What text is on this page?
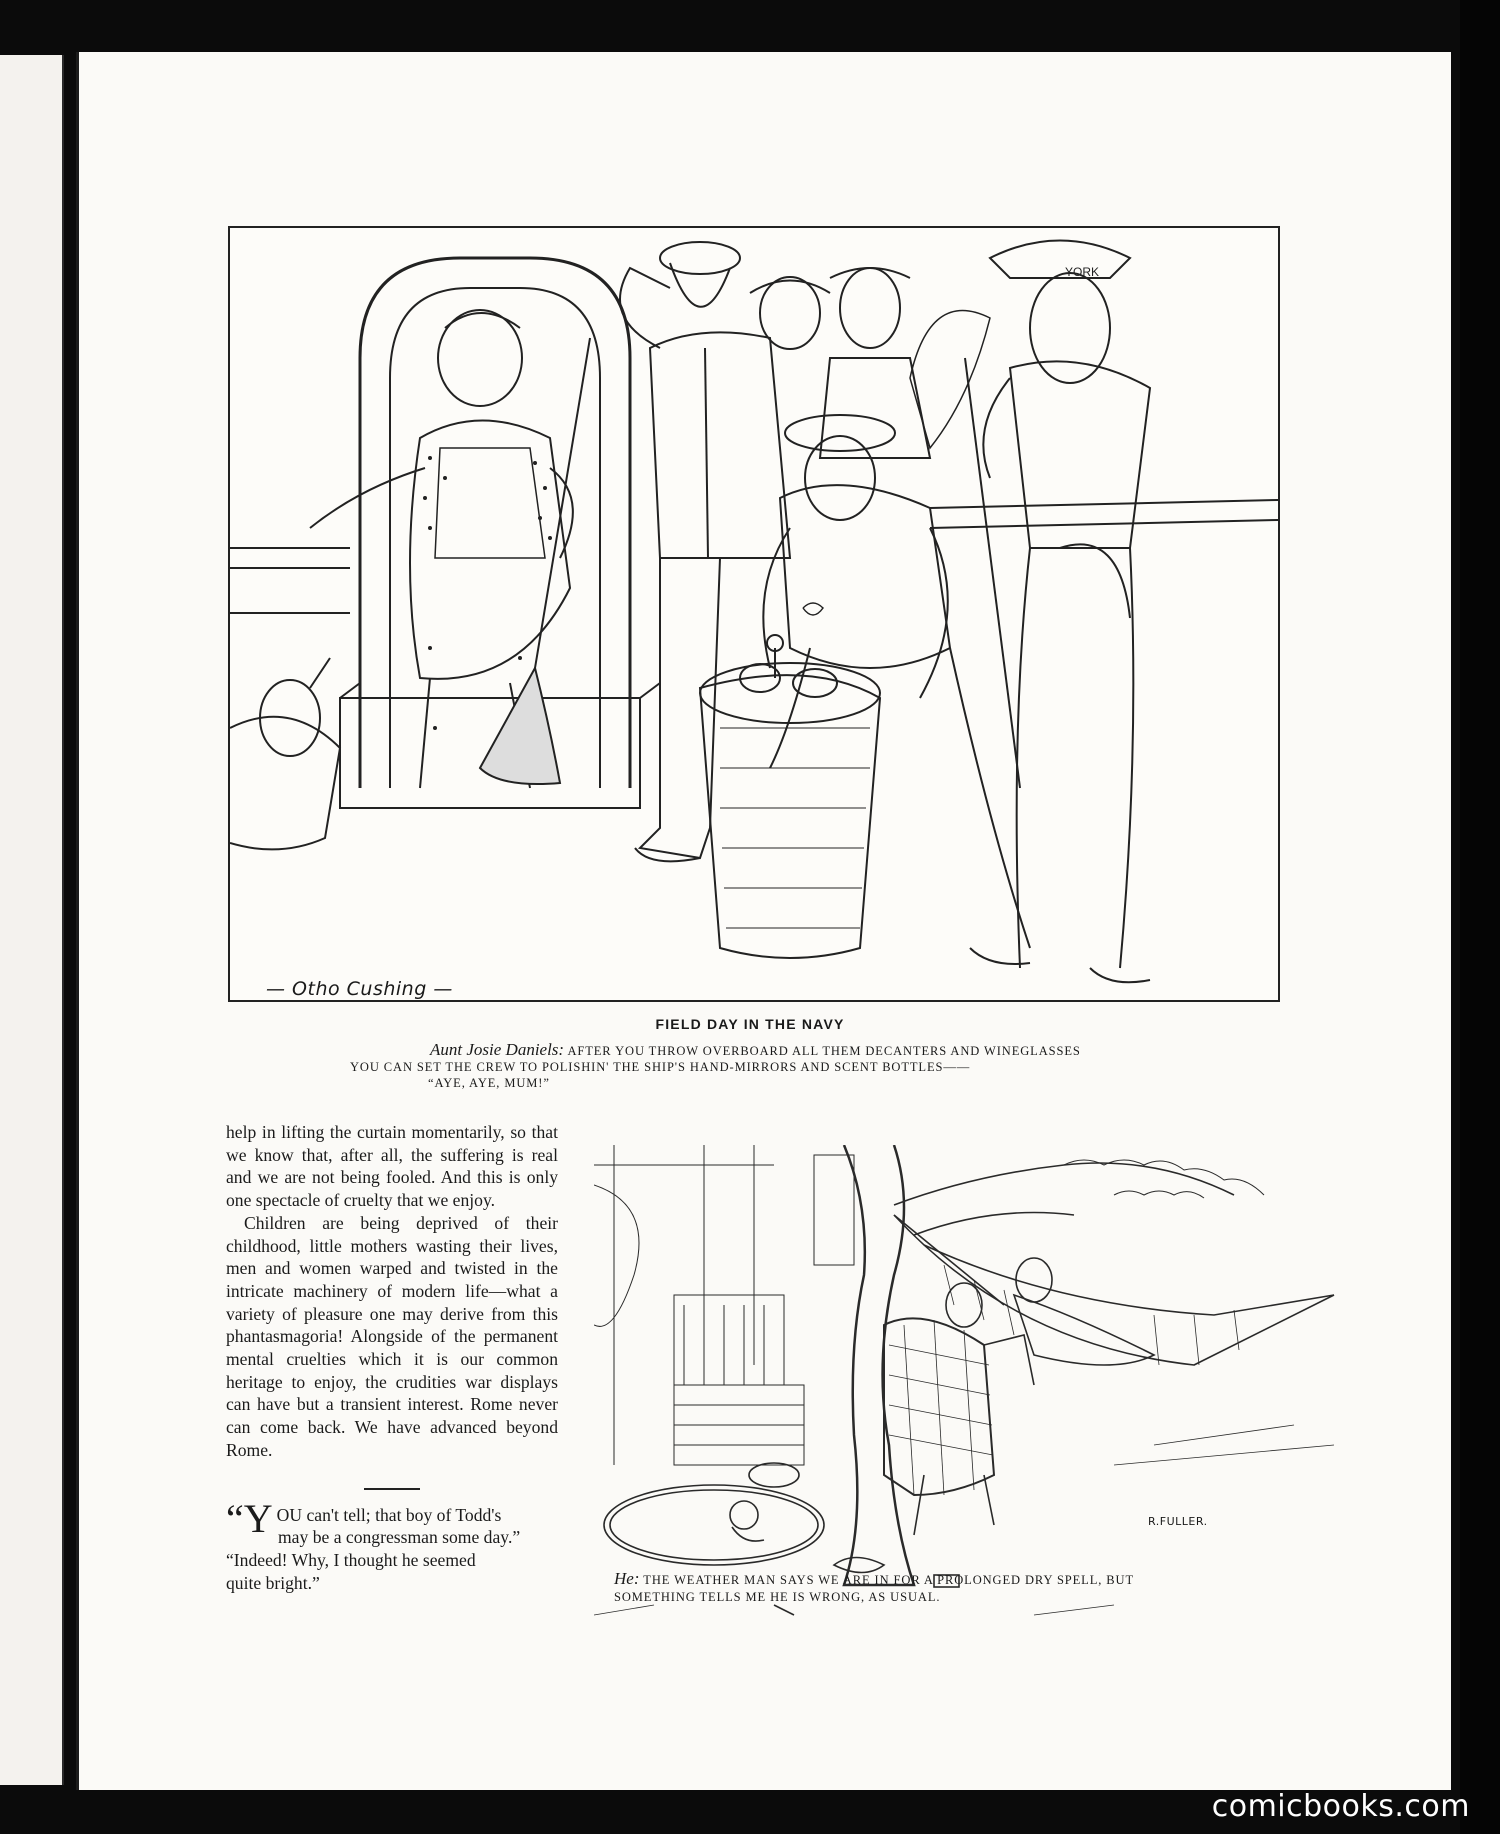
YORK
— Otho Cushing —
FIELD DAY IN THE NAVY
Aunt Josie Daniels: AFTER YOU THROW OVERBOARD ALL THEM DECANTERS AND WINEGLASSES
YOU CAN SET THE CREW TO POLISHIN' THE SHIP'S HAND-MIRRORS AND SCENT BOTTLES——
“AYE, AYE, MUM!”

help in lifting the curtain momentarily, so that we know that, after all, the suffering is real and we are not being fooled. And this is only one spectacle of cruelty that we enjoy.

Children are being deprived of their childhood, little mothers wasting their lives, men and women warped and twisted in the intricate machinery of modern life—what a variety of pleasure one may derive from this phantasmagoria! Alongside of the permanent mental cruelties which it is our common heritage to enjoy, the crudities war displays can have but a transient interest. Rome never can come back. We have advanced beyond Rome.

“Y OU can't tell; that boy of Todd's
may be a congressman some day.”
“Indeed! Why, I thought he seemed
quite bright.”
R.FULLER.
He: THE WEATHER MAN SAYS WE ARE IN FOR A PROLONGED DRY SPELL, BUT
SOMETHING TELLS ME HE IS WRONG, AS USUAL.
comicbooks.com
